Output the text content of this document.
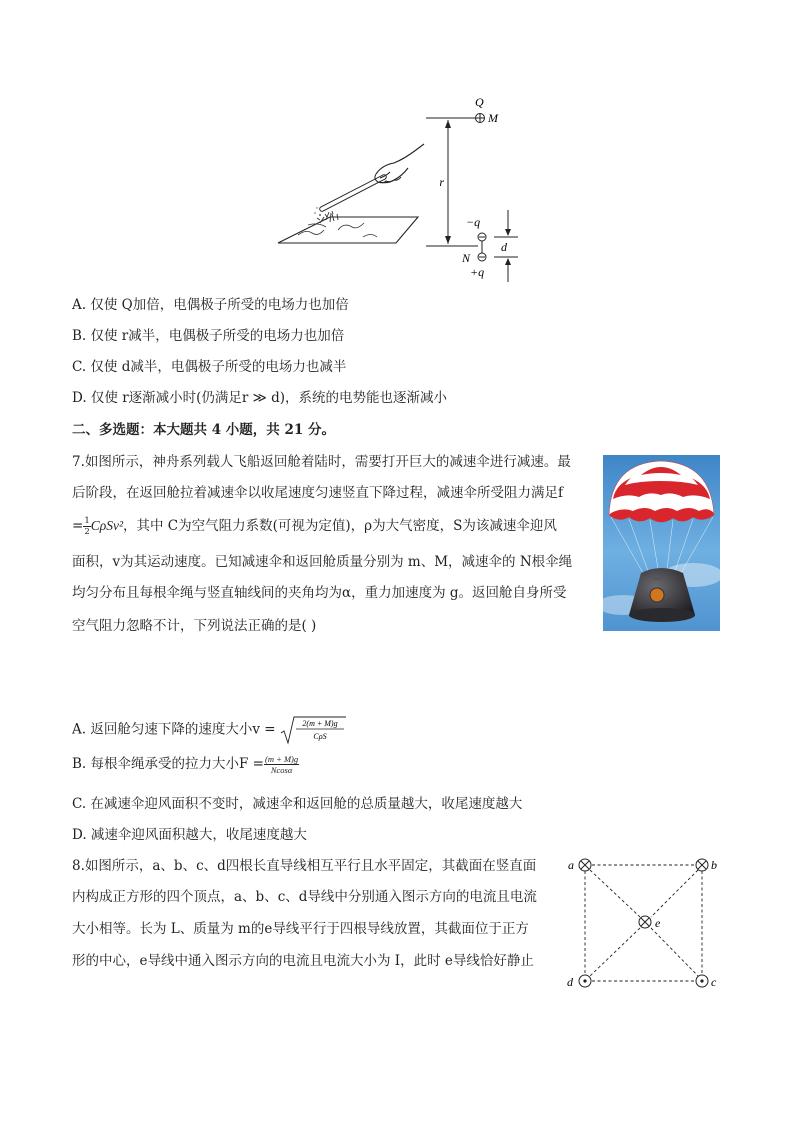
r
Q
M
−q
N
+q
d
A. 仅使 Q加倍，电偶极子所受的电场力也加倍
B. 仅使 r减半，电偶极子所受的电场力也加倍
C. 仅使 d减半，电偶极子所受的电场力也减半
D. 仅使 r逐渐减小时(仍满足r ≫ d)，系统的电势能也逐渐减小
二、多选题：本大题共 4 小题，共 21 分。
7.如图所示，神舟系列载人飞船返回舱着陆时，需要打开巨大的减速伞进行减速。最
后阶段，在返回舱拉着减速伞以收尾速度匀速竖直下降过程，减速伞所受阻力满足f
= $\frac{1}{2} C\rho Sv^2$，其中 C为空气阻力系数(可视为定值)，ρ为大气密度，S为该减速伞迎风
面积，v为其运动速度。已知减速伞和返回舱质量分别为 m、M，减速伞的 N根伞绳
均匀分布且每根伞绳与竖直轴线间的夹角均为α，重力加速度为 g。返回舱自身所受
空气阻力忽略不计，下列说法正确的是( )
A. 返回舱匀速下降的速度大小v =	2(m + M)g
CρS
B. 每根伞绳承受的拉力大小$F = \frac{(m + M)g}{Ncos\alpha}$
C. 在减速伞迎风面积不变时，减速伞和返回舱的总质量越大，收尾速度越大
D. 减速伞迎风面积越大，收尾速度越大
8.如图所示，a、b、c、d四根长直导线相互平行且水平固定，其截面在竖直面
内构成正方形的四个顶点，a、b、c、d导线中分别通入图示方向的电流且电流
大小相等。长为 L、质量为 m的e导线平行于四根导线放置，其截面位于正方
形的中心，e导线中通入图示方向的电流且电流大小为 I，此时 e导线恰好静止
a	b
c
d
e
